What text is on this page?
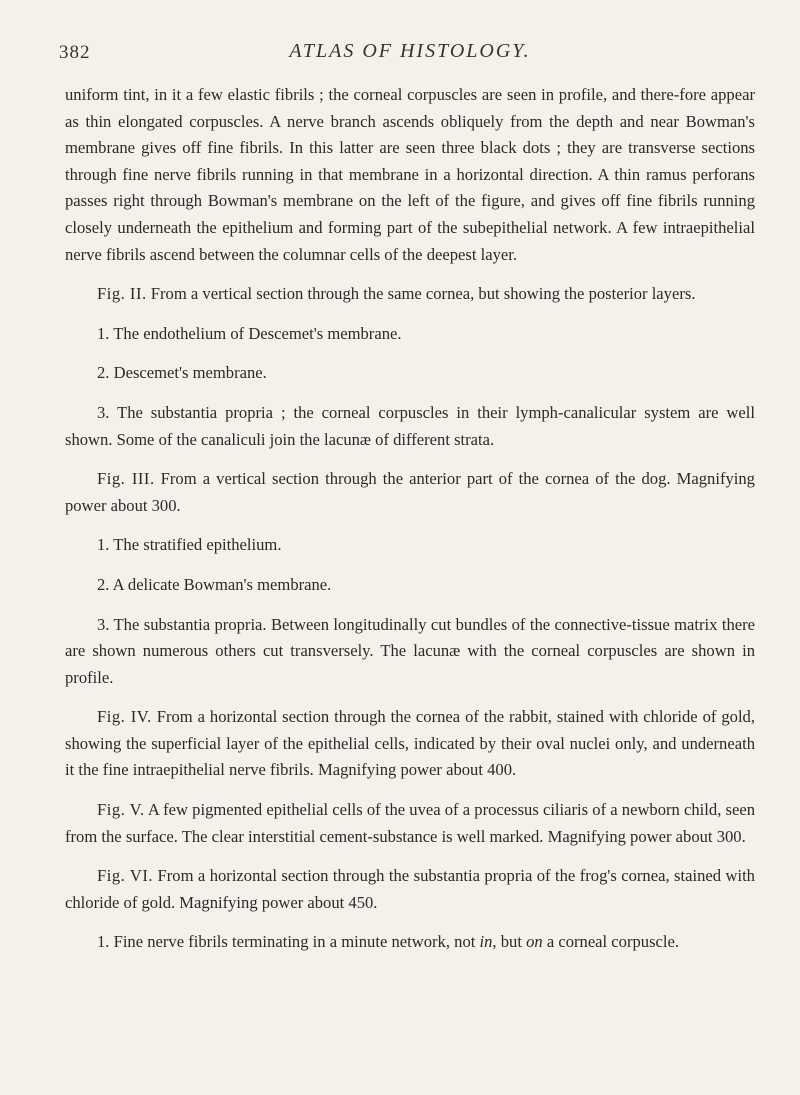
382	ATLAS OF HISTOLOGY.

uniform tint, in it a few elastic fibrils ; the corneal corpuscles are seen in profile, and there-fore appear as thin elongated corpuscles. A nerve branch ascends obliquely from the depth and near Bowman's membrane gives off fine fibrils. In this latter are seen three black dots ; they are transverse sections through fine nerve fibrils running in that membrane in a horizontal direction. A thin ramus perforans passes right through Bowman's membrane on the left of the figure, and gives off fine fibrils running closely underneath the epithelium and forming part of the subepithelial network. A few intraepithelial nerve fibrils ascend between the columnar cells of the deepest layer.

Fig. II. From a vertical section through the same cornea, but showing the posterior layers.

1. The endothelium of Descemet's membrane.

2. Descemet's membrane.

3. The substantia propria ; the corneal corpuscles in their lymph-canalicular system are well shown. Some of the canaliculi join the lacunæ of different strata.

Fig. III. From a vertical section through the anterior part of the cornea of the dog. Magnifying power about 300.

1. The stratified epithelium.

2. A delicate Bowman's membrane.

3. The substantia propria. Between longitudinally cut bundles of the connective-tissue matrix there are shown numerous others cut transversely. The lacunæ with the corneal corpuscles are shown in profile.

Fig. IV. From a horizontal section through the cornea of the rabbit, stained with chloride of gold, showing the superficial layer of the epithelial cells, indicated by their oval nuclei only, and underneath it the fine intraepithelial nerve fibrils. Magnifying power about 400.

Fig. V. A few pigmented epithelial cells of the uvea of a processus ciliaris of a newborn child, seen from the surface. The clear interstitial cement-substance is well marked. Magnifying power about 300.

Fig. VI. From a horizontal section through the substantia propria of the frog's cornea, stained with chloride of gold. Magnifying power about 450.

1. Fine nerve fibrils terminating in a minute network, not in, but on a corneal corpuscle.
